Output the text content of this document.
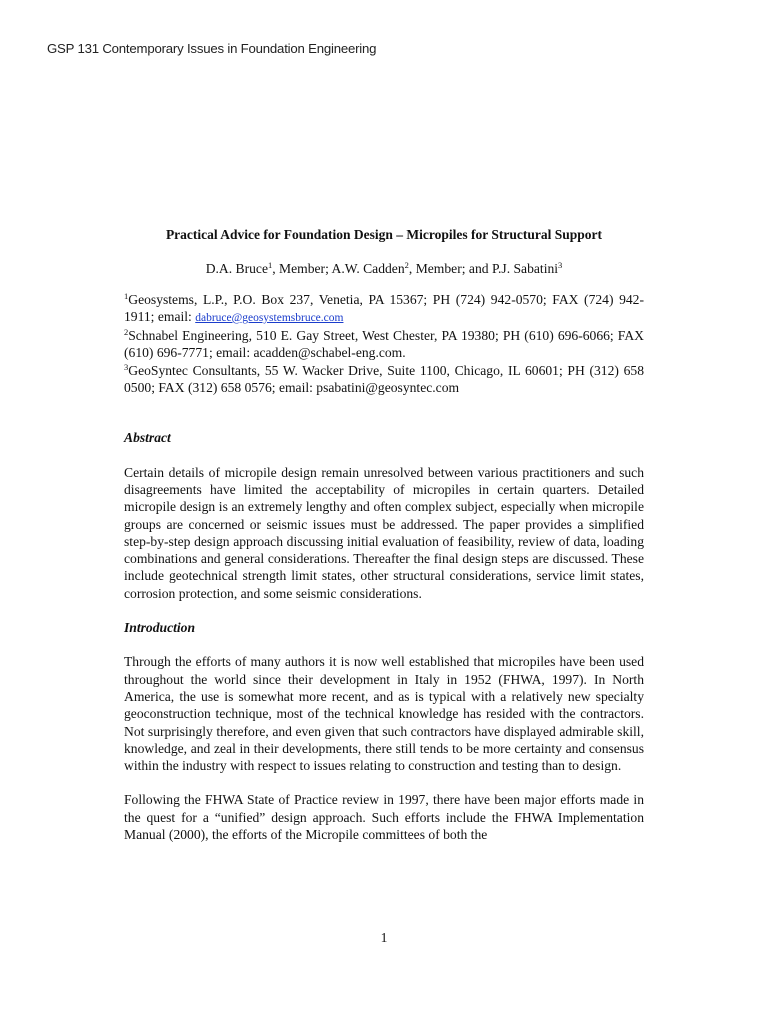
GSP 131 Contemporary Issues in Foundation Engineering

Practical Advice for Foundation Design – Micropiles for Structural Support

D.A. Bruce$^1$, Member; A.W. Cadden$^2$, Member; and P.J. Sabatini$^3$

$^1$Geosystems, L.P., P.O. Box 237, Venetia, PA 15367; PH (724) 942-0570; FAX (724) 942-1911; email: dabruce@geosystemsbruce.com

$^2$Schnabel Engineering, 510 E. Gay Street, West Chester, PA 19380; PH (610) 696-6066; FAX (610) 696-7771; email: acadden@schabel-eng.com.

$^3$GeoSyntec Consultants, 55 W. Wacker Drive, Suite 1100, Chicago, IL 60601; PH (312) 658 0500; FAX (312) 658 0576; email: psabatini@geosyntec.com

Abstract

Certain details of micropile design remain unresolved between various practitioners and such disagreements have limited the acceptability of micropiles in certain quarters. Detailed micropile design is an extremely lengthy and often complex subject, especially when micropile groups are concerned or seismic issues must be addressed. The paper provides a simplified step-by-step design approach discussing initial evaluation of feasibility, review of data, loading combinations and general considerations. Thereafter the final design steps are discussed. These include geotechnical strength limit states, other structural considerations, service limit states, corrosion protection, and some seismic considerations.

Introduction

Through the efforts of many authors it is now well established that micropiles have been used throughout the world since their development in Italy in 1952 (FHWA, 1997). In North America, the use is somewhat more recent, and as is typical with a relatively new specialty geoconstruction technique, most of the technical knowledge has resided with the contractors. Not surprisingly therefore, and even given that such contractors have displayed admirable skill, knowledge, and zeal in their developments, there still tends to be more certainty and consensus within the industry with respect to issues relating to construction and testing than to design.

Following the FHWA State of Practice review in 1997, there have been major efforts made in the quest for a “unified” design approach. Such efforts include the FHWA Implementation Manual (2000), the efforts of the Micropile committees of both the

1
